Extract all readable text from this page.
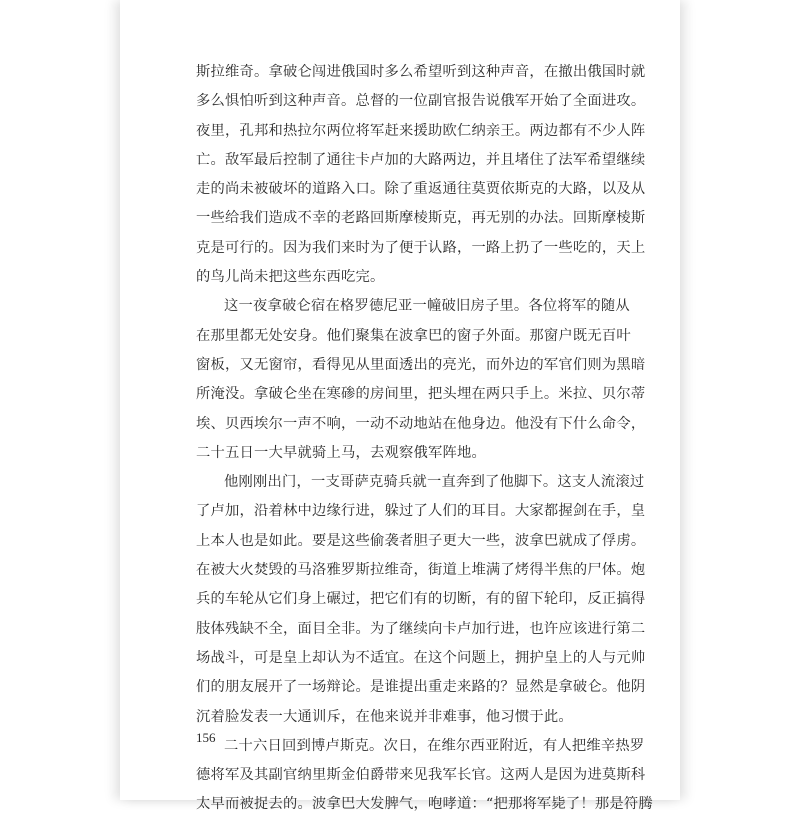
斯拉维奇。拿破仑闯进俄国时多么希望听到这种声音，在撤出俄国时就
多么惧怕听到这种声音。总督的一位副官报告说俄军开始了全面进攻。
夜里，孔邦和热拉尔两位将军赶来援助欧仁纳亲王。两边都有不少人阵
亡。敌军最后控制了通往卡卢加的大路两边，并且堵住了法军希望继续
走的尚未被破坏的道路入口。除了重返通往莫贾依斯克的大路，以及从
一些给我们造成不幸的老路回斯摩棱斯克，再无别的办法。回斯摩棱斯
克是可行的。因为我们来时为了便于认路，一路上扔了一些吃的，天上
的鸟儿尚未把这些东西吃完。
这一夜拿破仑宿在格罗德尼亚一幢破旧房子里。各位将军的随从
在那里都无处安身。他们聚集在波拿巴的窗子外面。那窗户既无百叶
窗板，又无窗帘，看得见从里面透出的亮光，而外边的军官们则为黑暗
所淹没。拿破仑坐在寒碜的房间里，把头埋在两只手上。米拉、贝尔蒂
埃、贝西埃尔一声不响，一动不动地站在他身边。他没有下什么命令，
二十五日一大早就骑上马，去观察俄军阵地。
他刚刚出门，一支哥萨克骑兵就一直奔到了他脚下。这支人流滚过
了卢加，沿着林中边缘行进，躲过了人们的耳目。大家都握剑在手，皇
上本人也是如此。要是这些偷袭者胆子更大一些，波拿巴就成了俘虏。
在被大火焚毁的马洛雅罗斯拉维奇，街道上堆满了烤得半焦的尸体。炮
兵的车轮从它们身上碾过，把它们有的切断，有的留下轮印，反正搞得
肢体残缺不全，面目全非。为了继续向卡卢加行进，也许应该进行第二
场战斗，可是皇上却认为不适宜。在这个问题上，拥护皇上的人与元帅
们的朋友展开了一场辩论。是谁提出重走来路的？显然是拿破仑。他阴
沉着脸发表一大通训斥，在他来说并非难事，他习惯于此。
二十六日回到博卢斯克。次日，在维尔西亚附近，有人把维辛热罗
德将军及其副官纳里斯金伯爵带来见我军长官。这两人是因为进莫斯科
太早而被捉去的。波拿巴大发脾气，咆哮道：“把那将军毙了！那是符腾
156
